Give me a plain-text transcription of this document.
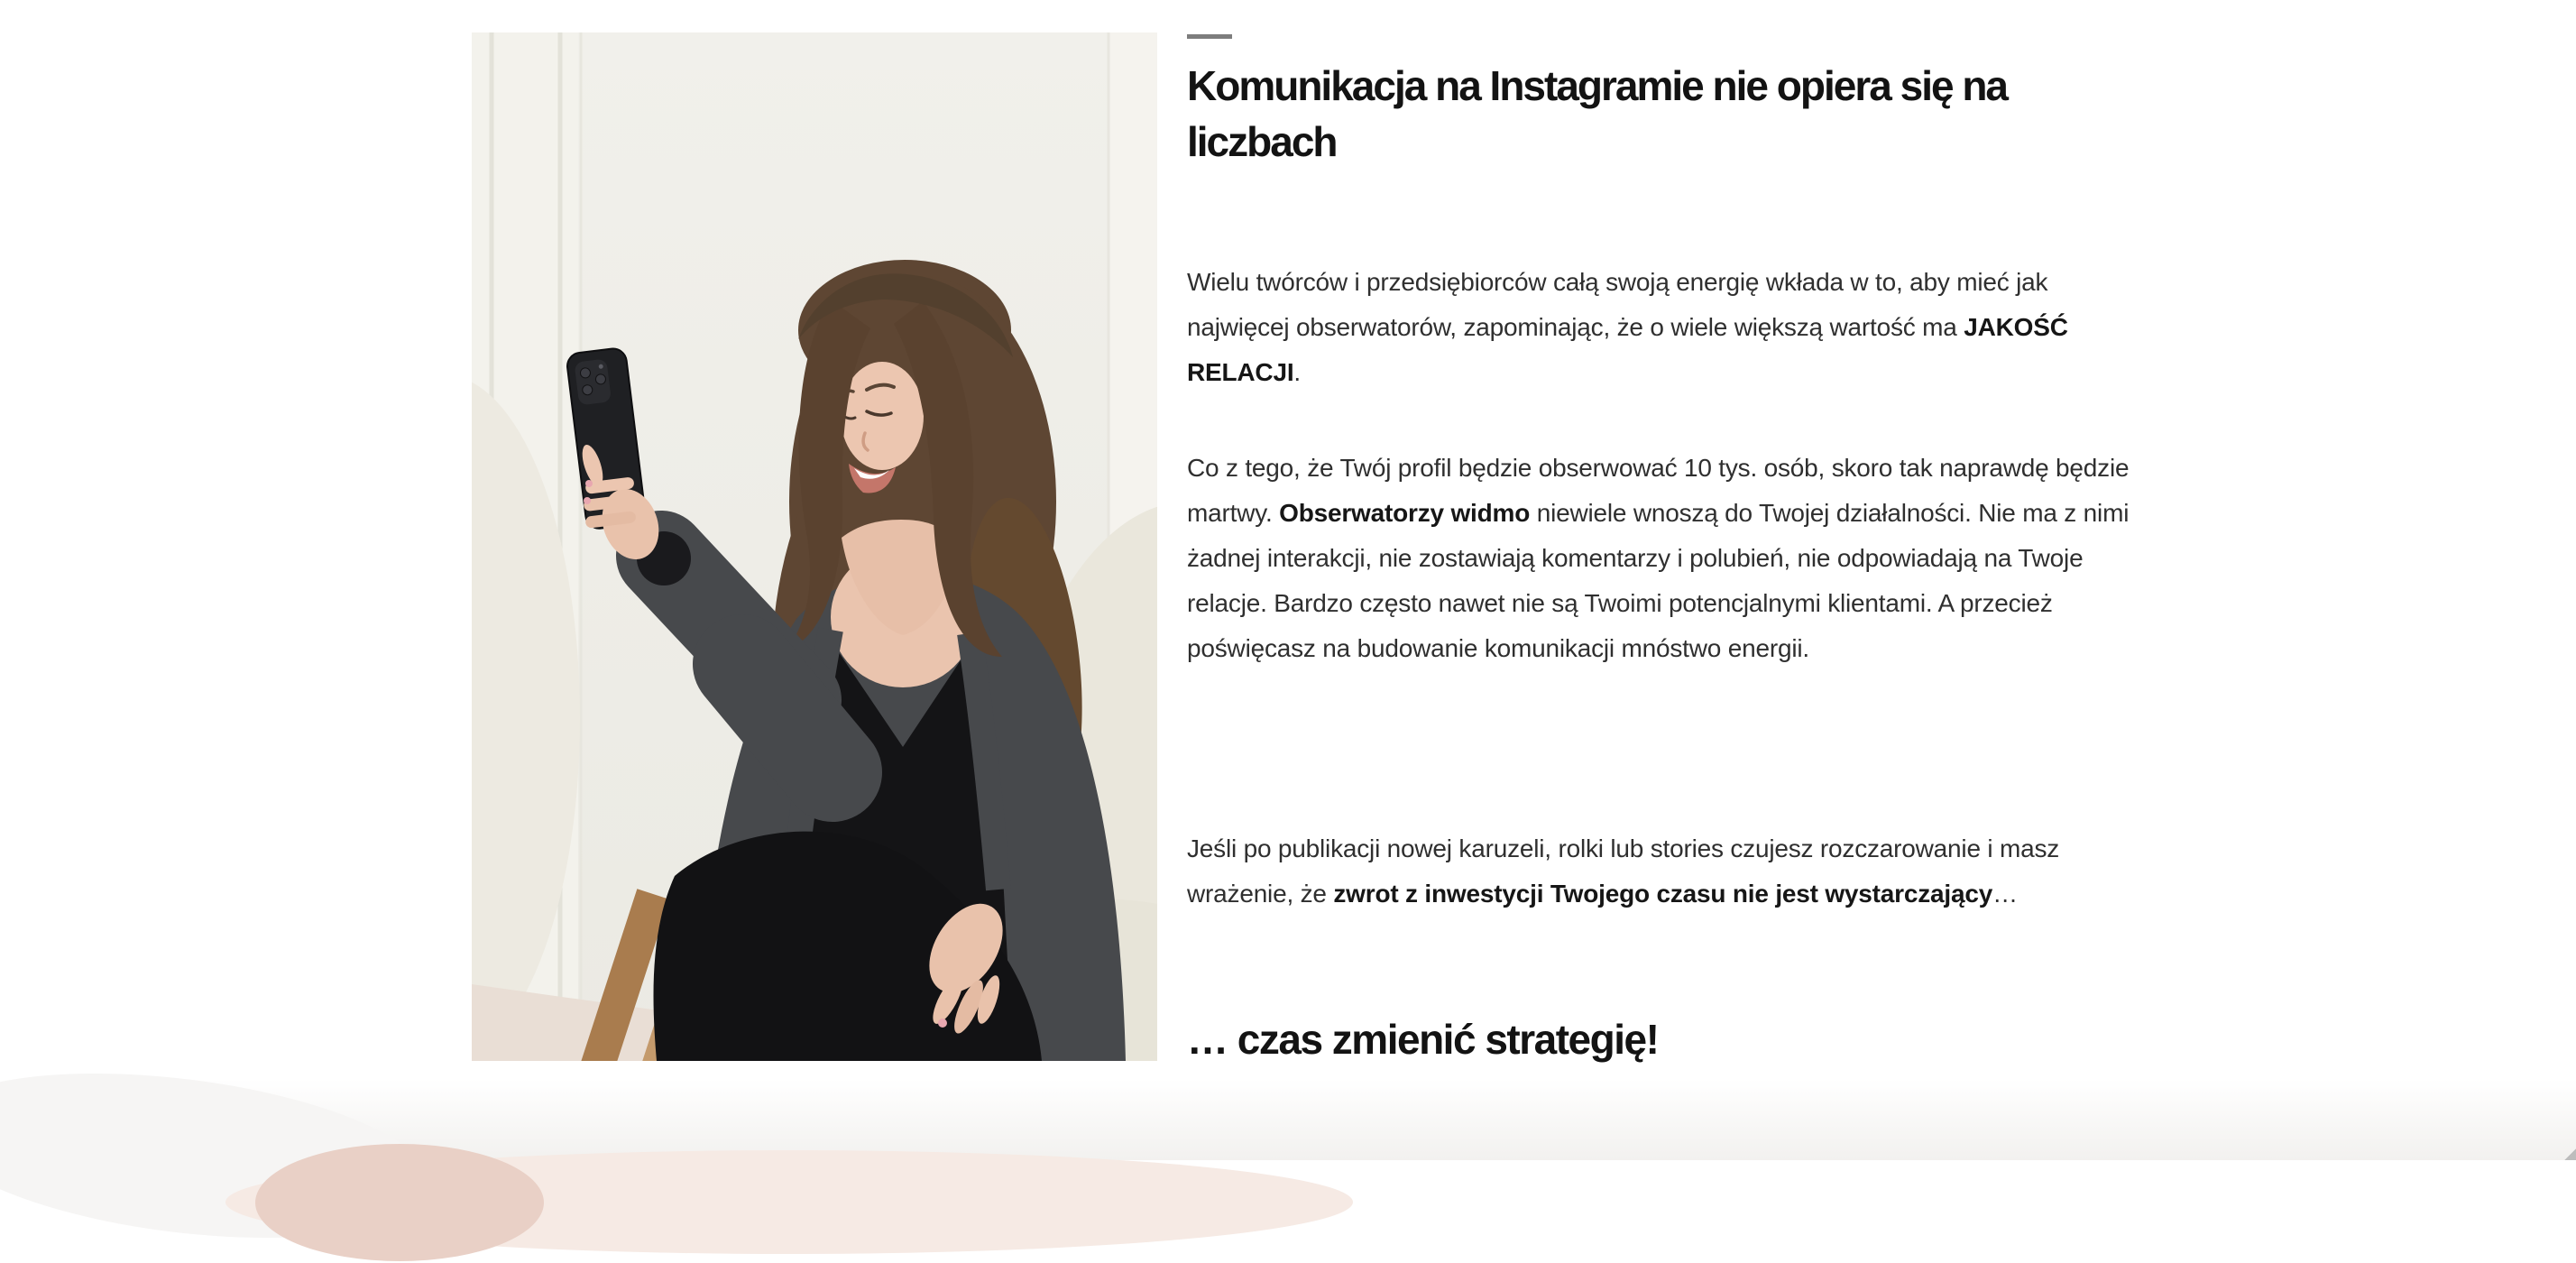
Komunikacja na Instagramie nie opiera się na liczbach

Wielu twórców i przedsiębiorców całą swoją energię wkłada w to, aby mieć jak najwięcej obserwatorów, zapominając, że o wiele większą wartość ma JAKOŚĆ RELACJI.

Co z tego, że Twój profil będzie obserwować 10 tys. osób, skoro tak naprawdę będzie martwy. Obserwatorzy widmo niewiele wnoszą do Twojej działalności. Nie ma z nimi żadnej interakcji, nie zostawiają komentarzy i polubień, nie odpowiadają na Twoje relacje. Bardzo często nawet nie są Twoimi potencjalnymi klientami. A przecież poświęcasz na budowanie komunikacji mnóstwo energii.

Jeśli po publikacji nowej karuzeli, rolki lub stories czujesz rozczarowanie i masz wrażenie, że zwrot z inwestycji Twojego czasu nie jest wystarczający…

… czas zmienić strategię!
